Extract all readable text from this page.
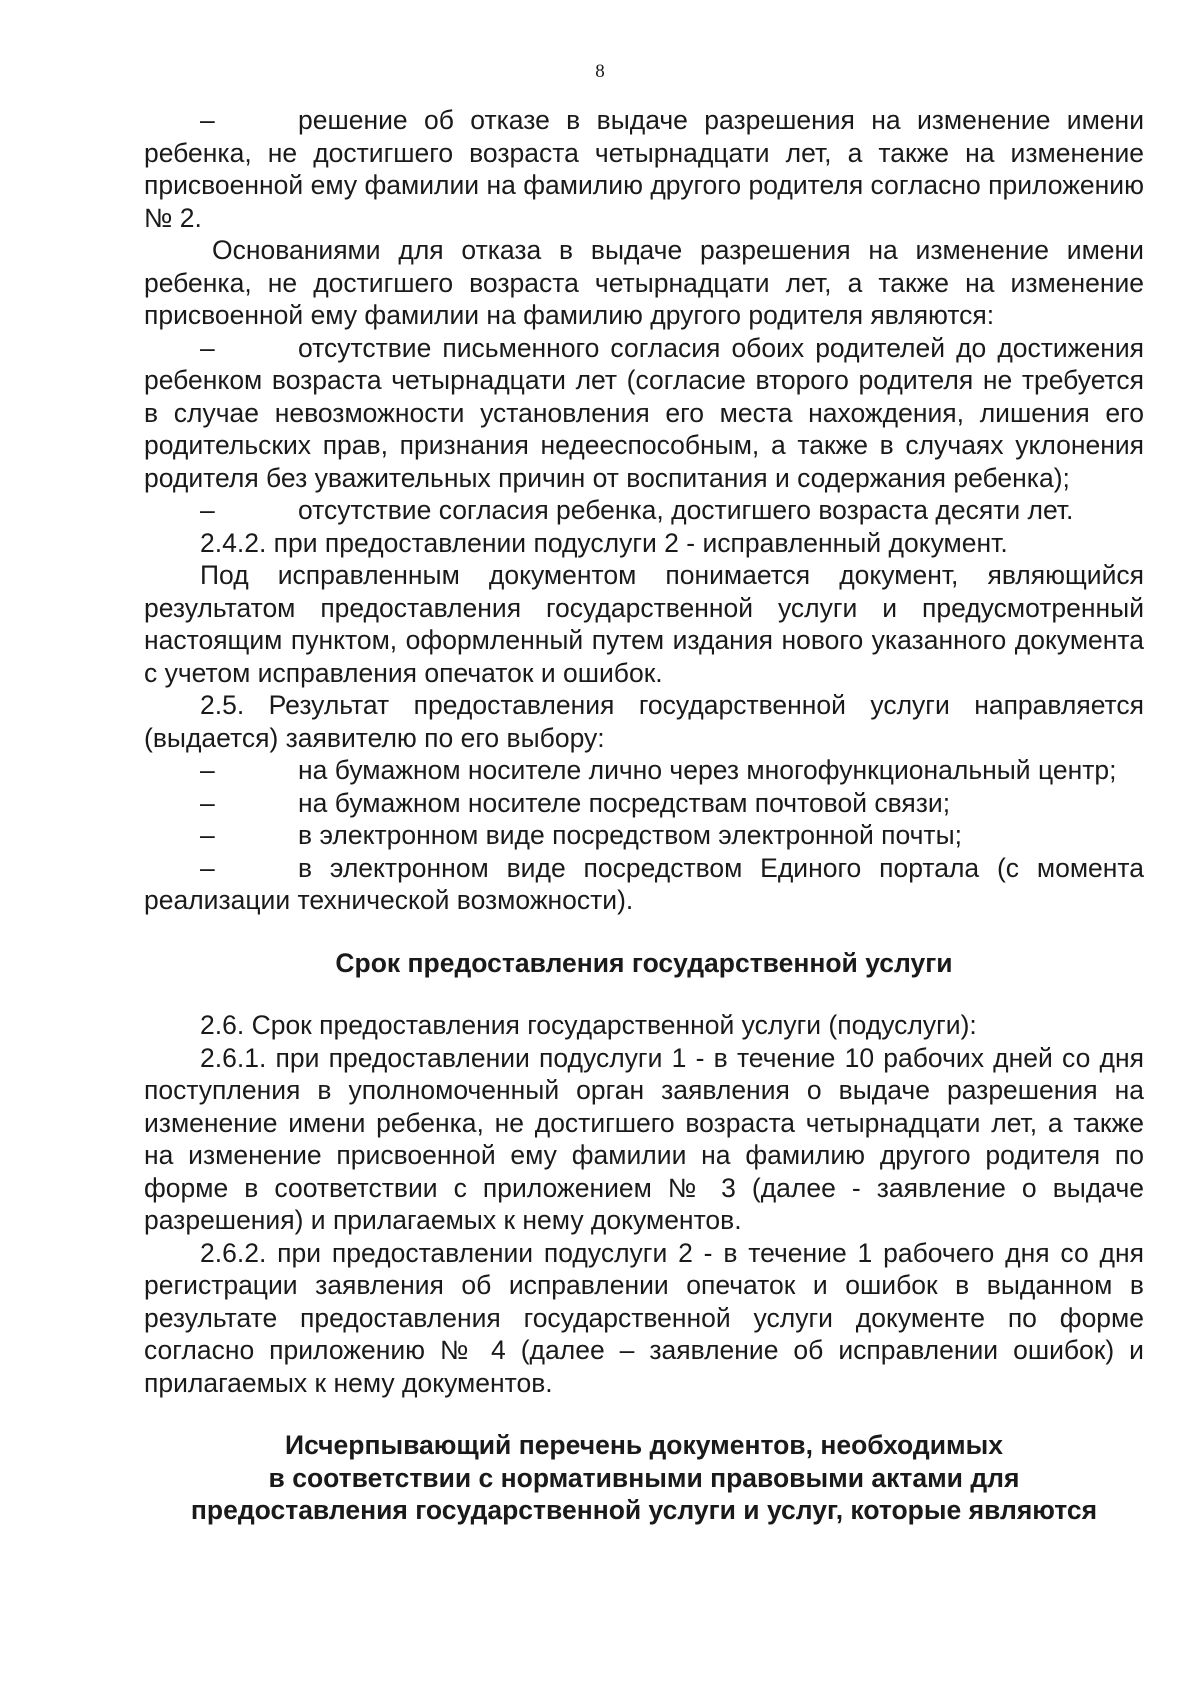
8

–	решение об отказе в выдаче разрешения на изменение имени ребенка, не достигшего возраста четырнадцати лет, а также на изменение присвоенной ему фамилии на фамилию другого родителя согласно приложению № 2.

Основаниями для отказа в выдаче разрешения на изменение имени ребенка, не достигшего возраста четырнадцати лет, а также на изменение присвоенной ему фамилии на фамилию другого родителя являются:

–	отсутствие письменного согласия обоих родителей до достижения ребенком возраста четырнадцати лет (согласие второго родителя не требуется в случае невозможности установления его места нахождения, лишения его родительских прав, признания недееспособным, а также в случаях уклонения родителя без уважительных причин от воспитания и содержания ребенка);

–	отсутствие согласия ребенка, достигшего возраста десяти лет.

2.4.2. при предоставлении подуслуги 2 - исправленный документ.

Под исправленным документом понимается документ, являющийся результатом предоставления государственной услуги и предусмотренный настоящим пунктом, оформленный путем издания нового указанного документа с учетом исправления опечаток и ошибок.

2.5. Результат предоставления государственной услуги направляется (выдается) заявителю по его выбору:

–	на бумажном носителе лично через многофункциональный центр;

–	на бумажном носителе посредствам почтовой связи;

–	в электронном виде посредством электронной почты;

–	в электронном виде посредством Единого портала (с момента реализации технической возможности).

Срок предоставления государственной услуги

2.6. Срок предоставления государственной услуги (подуслуги):

2.6.1. при предоставлении подуслуги 1 - в течение 10 рабочих дней со дня поступления в уполномоченный орган заявления о выдаче разрешения на изменение имени ребенка, не достигшего возраста четырнадцати лет, а также на изменение присвоенной ему фамилии на фамилию другого родителя по форме в соответствии с приложением № 3 (далее - заявление о выдаче разрешения) и прилагаемых к нему документов.

2.6.2. при предоставлении подуслуги 2 - в течение 1 рабочего дня со дня регистрации заявления об исправлении опечаток и ошибок в выданном в результате предоставления государственной услуги документе по форме согласно приложению № 4 (далее – заявление об исправлении ошибок) и прилагаемых к нему документов.

Исчерпывающий перечень документов, необходимых
в соответствии с нормативными правовыми актами для
предоставления государственной услуги и услуг, которые являются
